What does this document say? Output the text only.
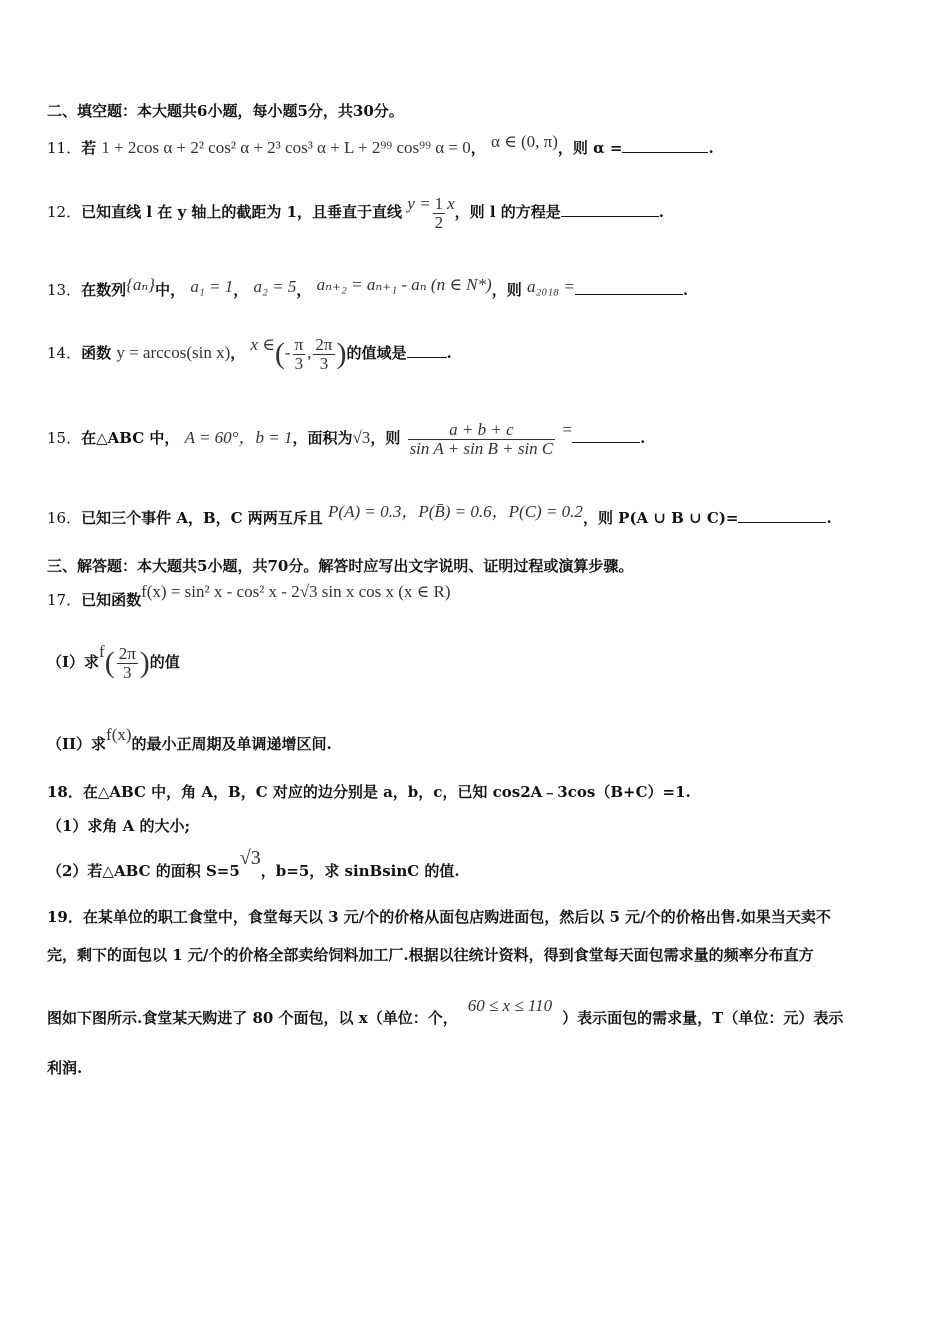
二、填空题：本大题共6小题，每小题5分，共30分。
11．若 1 + 2cos α + 2² cos² α + 2³ cos³ α + L + 2⁹⁹ cos⁹⁹ α = 0， α ∈ (0, π)，则 α =	.
12．已知直线 l 在 y 轴上的截距为 1，且垂直于直线 $y = \frac{1}{2}$ x，则 l 的方程是	.
13．在数列{aₙ}中， a₁ = 1， a₂ = 5， aₙ₊₂ = aₙ₊₁ - aₙ (n ∈ N*)，则 a₂₀₁₈ =	.
14．函数 y = arccos(sin x)， x ∈(- $\frac{\pi}{3}$ , $\frac{2\pi}{3}$ )的值域是	.
15．在△ABC 中， A = 60°，b = 1，面积为√3，则 $\frac{a + b + c}{\text{sin A + sin B + sin C}}$ =	.
16．已知三个事件 A，B，C 两两互斥且 P(A) = 0.3，P(B̄) = 0.6，P(C) = 0.2，则 P(A ∪ B ∪ C)=	.
三、解答题：本大题共5小题，共70分。解答时应写出文字说明、证明过程或演算步骤。
17．已知函数f(x) = sin² x - cos² x - 2√3 sin x cos x (x ∈ R)
（I）求$f( \frac{2\pi}{3}$ )的值
（II）求f(x)的最小正周期及单调递增区间.
18．在△ABC 中，角 A，B，C 对应的边分别是 a，b，c，已知 cos2A﹣3cos（B+C）=1.
（1）求角 A 的大小;
（2）若△ABC 的面积 S=5√3，b=5，求 sinBsinC 的值.
19．在某单位的职工食堂中，食堂每天以 3 元/个的价格从面包店购进面包，然后以 5 元/个的价格出售.如果当天卖不
完，剩下的面包以 1 元/个的价格全部卖给饲料加工厂.根据以往统计资料，得到食堂每天面包需求量的频率分布直方
图如下图所示.食堂某天购进了 80 个面包，以 x（单位：个，60 ≤ x ≤ 110）表示面包的需求量，T（单位：元）表示
利润.
